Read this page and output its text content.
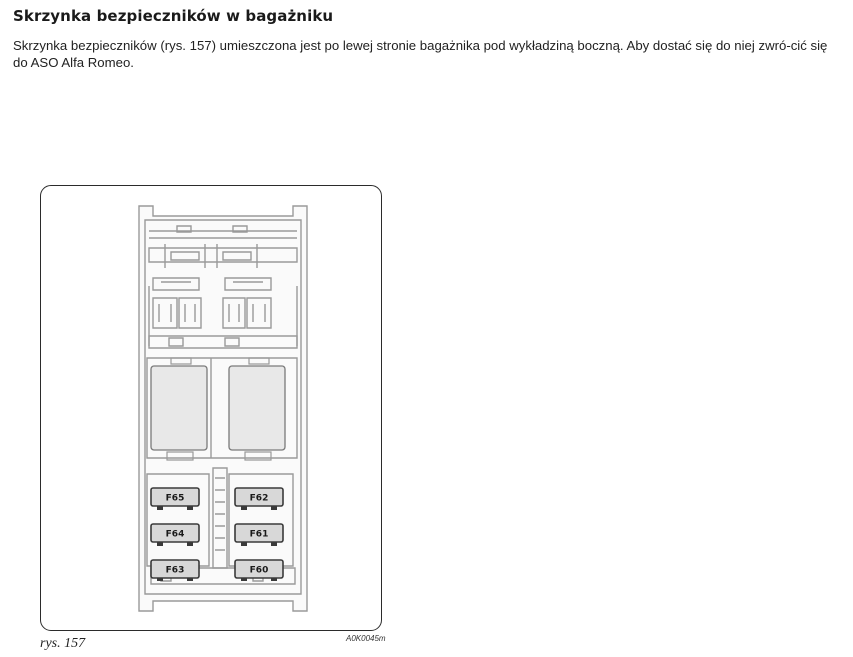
Skrzynka bezpieczników w bagażniku

Skrzynka bezpieczników (rys. 157) umieszczona jest po lewej stronie bagażnika pod wykładziną boczną. Aby dostać się do niej zwró-cić się do ASO Alfa Romeo.

F65	F62
F64	F61
F63	F60
rys. 157	A0K0045m
